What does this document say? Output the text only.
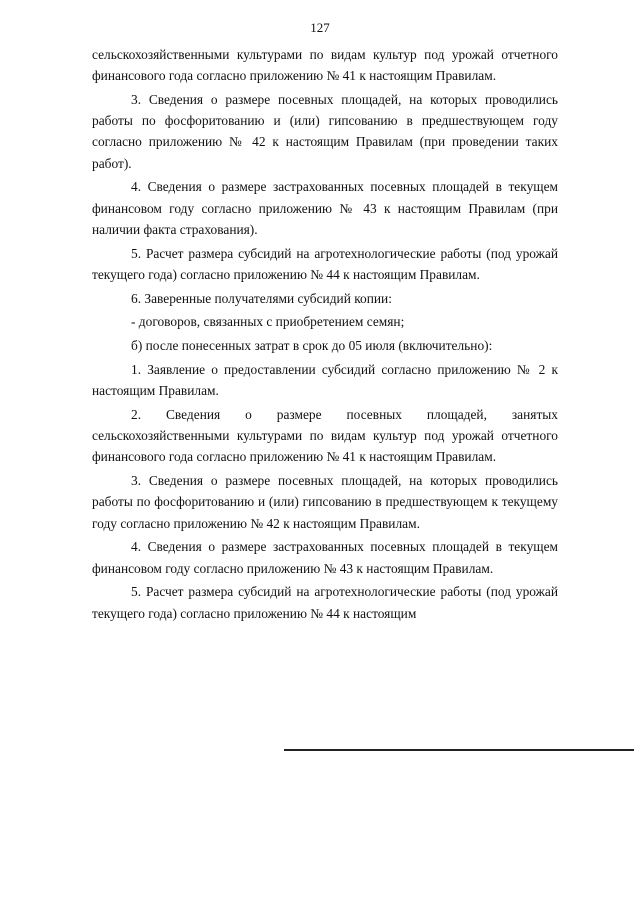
127

сельскохозяйственными культурами по видам культур под урожай отчетного финансового года согласно приложению № 41 к настоящим Правилам.

3. Сведения о размере посевных площадей, на которых проводились работы по фосфоритованию и (или) гипсованию в предшествующем году согласно приложению № 42 к настоящим Правилам (при проведении таких работ).

4. Сведения о размере застрахованных посевных площадей в текущем финансовом году согласно приложению № 43 к настоящим Правилам (при наличии факта страхования).

5. Расчет размера субсидий на агротехнологические работы (под урожай текущего года) согласно приложению № 44 к настоящим Правилам.

6. Заверенные получателями субсидий копии:

- договоров, связанных с приобретением семян;

б) после понесенных затрат в срок до 05 июля (включительно):

1. Заявление о предоставлении субсидий согласно приложению № 2 к настоящим Правилам.

2. Сведения о размере посевных площадей, занятых сельскохозяйственными культурами по видам культур под урожай отчетного финансового года согласно приложению № 41 к настоящим Правилам.

3. Сведения о размере посевных площадей, на которых проводились работы по фосфоритованию и (или) гипсованию в предшествующем к текущему году согласно приложению № 42 к настоящим Правилам.

4. Сведения о размере застрахованных посевных площадей в текущем финансовом году согласно приложению № 43 к настоящим Правилам.

5. Расчет размера субсидий на агротехнологические работы (под урожай текущего года) согласно приложению № 44 к настоящим
